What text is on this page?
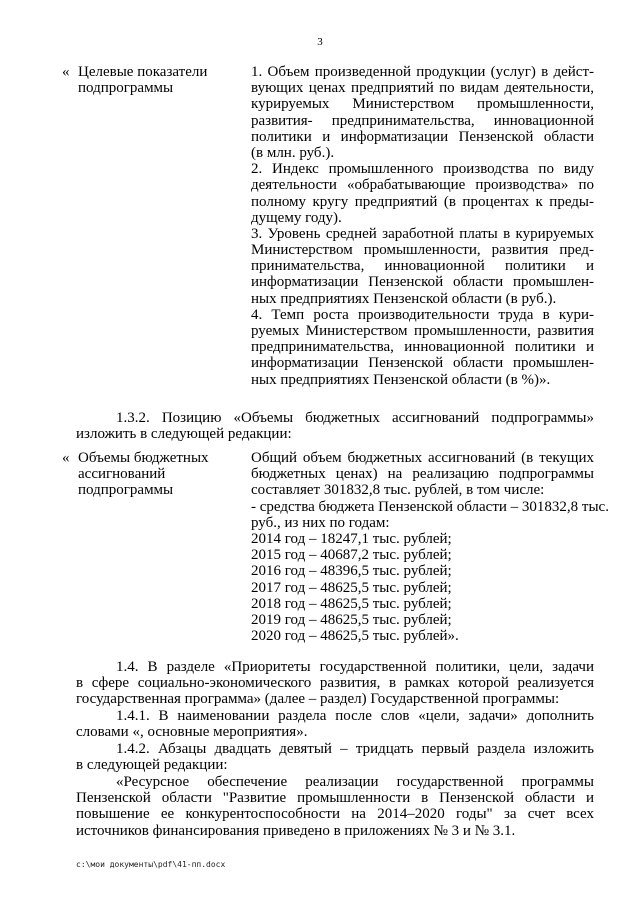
3
« Целевые показатели
подпрограммы
1. Объем произведенной продукции (услуг) в дейст-
вующих ценах предприятий по видам деятельности,
курируемых Министерством промышленности,
развития- предпринимательства, инновационной
политики и информатизации Пензенской области
(в млн. руб.).
2. Индекс промышленного производства по виду
деятельности «обрабатывающие производства» по
полному кругу предприятий (в процентах к преды-
дущему году).
3. Уровень средней заработной платы в курируемых
Министерством промышленности, развития пред-
принимательства, инновационной политики и
информатизации Пензенской области промышлен-
ных предприятиях Пензенской области (в руб.).
4. Темп роста производительности труда в кури-
руемых Министерством промышленности, развития
предпринимательства, инновационной политики и
информатизации Пензенской области промышлен-
ных предприятиях Пензенской области (в %)».
1.3.2. Позицию «Объемы бюджетных ассигнований подпрограммы»
изложить в следующей редакции:
« Объемы бюджетных
ассигнований
подпрограммы
Общий объем бюджетных ассигнований (в текущих
бюджетных ценах) на реализацию подпрограммы
составляет 301832,8 тыс. рублей, в том числе:
- средства бюджета Пензенской области – 301832,8 тыс.
руб., из них по годам:
2014 год – 18247,1 тыс. рублей;
2015 год – 40687,2 тыс. рублей;
2016 год – 48396,5 тыс. рублей;
2017 год – 48625,5 тыс. рублей;
2018 год – 48625,5 тыс. рублей;
2019 год – 48625,5 тыс. рублей;
2020 год – 48625,5 тыс. рублей».
1.4. В разделе «Приоритеты государственной политики, цели, задачи
в сфере социально-экономического развития, в рамках которой реализуется
государственная программа» (далее – раздел) Государственной программы:
1.4.1. В наименовании раздела после слов «цели, задачи» дополнить
словами «, основные мероприятия».
1.4.2. Абзацы двадцать девятый – тридцать первый раздела изложить
в следующей редакции:
«Ресурсное обеспечение реализации государственной программы
Пензенской области "Развитие промышленности в Пензенской области и
повышение ее конкурентоспособности на 2014–2020 годы" за счет всех
источников финансирования приведено в приложениях № 3 и № 3.1.
c:\мои документы\pdf\41-пп.docx
